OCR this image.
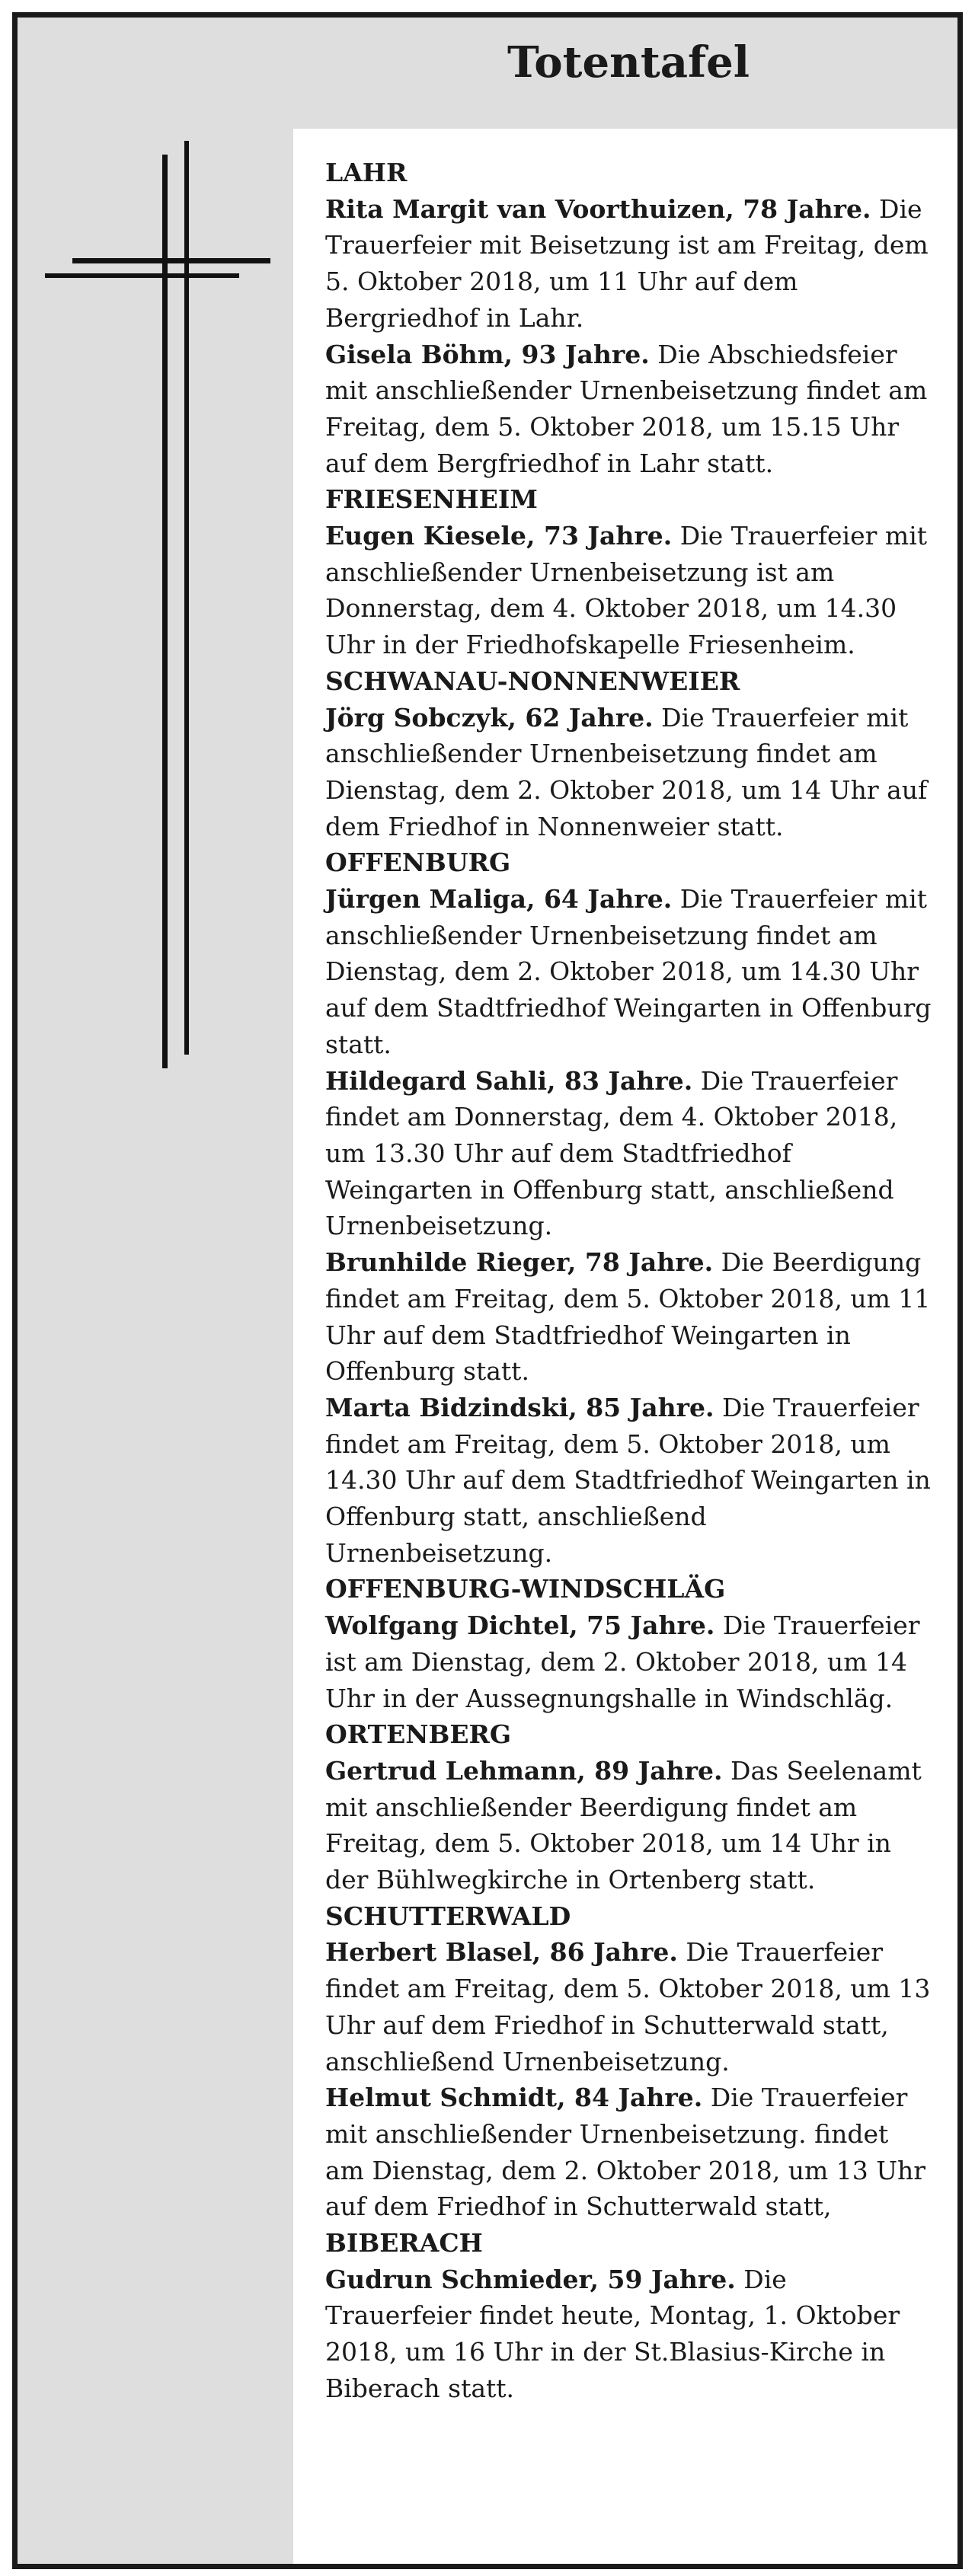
Totentafel
LAHR
Rita Margit van Voorthuizen, 78 Jahre. Die Trauerfeier mit Beisetzung ist am Freitag, dem 5. Oktober 2018, um 11 Uhr auf dem Bergriedhof in Lahr.
Gisela Böhm, 93 Jahre. Die Abschiedsfeier mit anschließender Urnenbeisetzung findet am Freitag, dem 5. Oktober 2018, um 15.15 Uhr auf dem Bergfriedhof in Lahr statt.
FRIESENHEIM
Eugen Kiesele, 73 Jahre. Die Trauerfeier mit anschließender Urnenbeisetzung ist am Donnerstag, dem 4. Oktober 2018, um 14.30 Uhr in der Friedhofskapelle Friesenheim.
SCHWANAU-NONNENWEIER
Jörg Sobczyk, 62 Jahre. Die Trauerfeier mit anschließender Urnenbeisetzung findet am Dienstag, dem 2. Oktober 2018, um 14 Uhr auf dem Friedhof in Nonnenweier statt.
OFFENBURG
Jürgen Maliga, 64 Jahre. Die Trauerfeier mit anschließender Urnenbeisetzung findet am Dienstag, dem 2. Oktober 2018, um 14.30 Uhr auf dem Stadtfriedhof Weingarten in Offenburg statt.
Hildegard Sahli, 83 Jahre. Die Trauerfeier findet am Donnerstag, dem 4. Oktober 2018, um 13.30 Uhr auf dem Stadtfriedhof Weingarten in Offenburg statt, anschließend Urnenbeisetzung.
Brunhilde Rieger, 78 Jahre. Die Beerdigung findet am Freitag, dem 5. Oktober 2018, um 11 Uhr auf dem Stadtfriedhof Weingarten in Offenburg statt.
Marta Bidzindski, 85 Jahre. Die Trauerfeier findet am Freitag, dem 5. Oktober 2018, um 14.30 Uhr auf dem Stadtfriedhof Weingarten in Offenburg statt, anschließend Urnenbeisetzung.
OFFENBURG-WINDSCHLÄG
Wolfgang Dichtel, 75 Jahre. Die Trauerfeier ist am Dienstag, dem 2. Oktober 2018, um 14 Uhr in der Aussegnungshalle in Windschläg.
ORTENBERG
Gertrud Lehmann, 89 Jahre. Das Seelenamt mit anschließender Beerdigung findet am Freitag, dem 5. Oktober 2018, um 14 Uhr in der Bühlwegkirche in Ortenberg statt.
SCHUTTERWALD
Herbert Blasel, 86 Jahre. Die Trauerfeier findet am Freitag, dem 5. Oktober 2018, um 13 Uhr auf dem Friedhof in Schutterwald statt, anschließend Urnenbeisetzung.
Helmut Schmidt, 84 Jahre. Die Trauerfeier mit anschließender Urnenbeisetzung. findet am Dienstag, dem 2. Oktober 2018, um 13 Uhr auf dem Friedhof in Schutterwald statt,
BIBERACH
Gudrun Schmieder, 59 Jahre. Die Trauerfeier findet heute, Montag, 1. Oktober 2018, um 16 Uhr in der St.Blasius-Kirche in Biberach statt.
